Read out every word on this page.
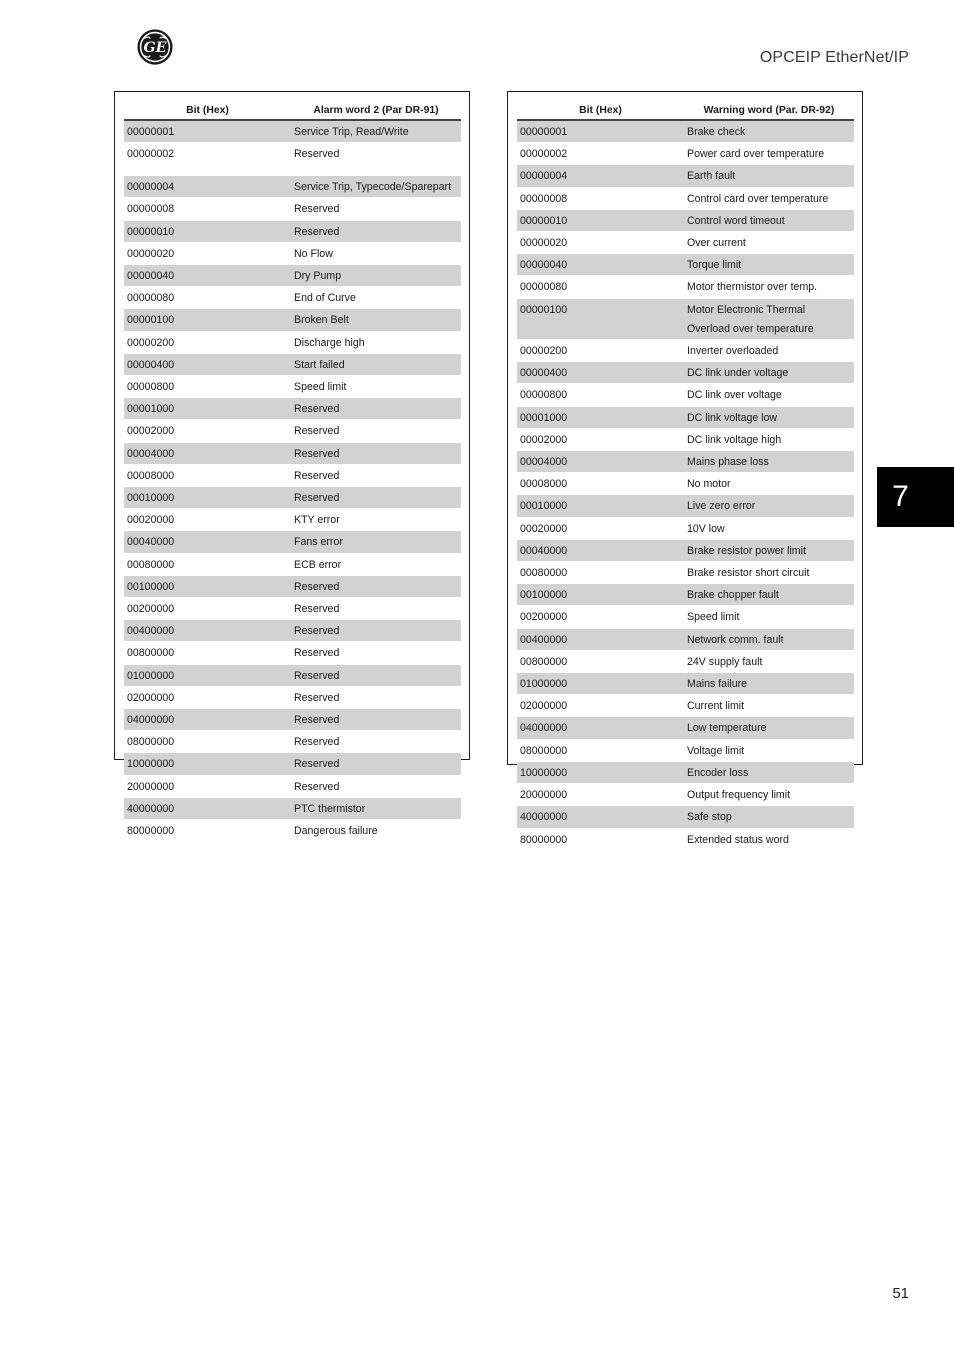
GE
OPCEIP EtherNet/IP
Bit (Hex)	Alarm word 2 (Par DR-91)
00000001	Service Trip, Read/Write
00000002	Reserved
00000004	Service Trip, Typecode/Sparepart
00000008	Reserved
00000010	Reserved
00000020	No Flow
00000040	Dry Pump
00000080	End of Curve
00000100	Broken Belt
00000200	Discharge high
00000400	Start failed
00000800	Speed limit
00001000	Reserved
00002000	Reserved
00004000	Reserved
00008000	Reserved
00010000	Reserved
00020000	KTY error
00040000	Fans error
00080000	ECB error
00100000	Reserved
00200000	Reserved
00400000	Reserved
00800000	Reserved
01000000	Reserved
02000000	Reserved
04000000	Reserved
08000000	Reserved
10000000	Reserved
20000000	Reserved
40000000	PTC thermistor
80000000	Dangerous failure
Bit (Hex)	Warning word (Par. DR-92)
00000001	Brake check
00000002	Power card over temperature
00000004	Earth fault
00000008	Control card over temperature
00000010	Control word timeout
00000020	Over current
00000040	Torque limit
00000080	Motor thermistor over temp.
00000100	Motor Electronic Thermal Overload over temperature
00000200	Inverter overloaded
00000400	DC link under voltage
00000800	DC link over voltage
00001000	DC link voltage low
00002000	DC link voltage high
00004000	Mains phase loss
00008000	No motor
00010000	Live zero error
00020000	10V low
00040000	Brake resistor power limit
00080000	Brake resistor short circuit
00100000	Brake chopper fault
00200000	Speed limit
00400000	Network comm. fault
00800000	24V supply fault
01000000	Mains failure
02000000	Current limit
04000000	Low temperature
08000000	Voltage limit
10000000	Encoder loss
20000000	Output frequency limit
40000000	Safe stop
80000000	Extended status word
7
51
